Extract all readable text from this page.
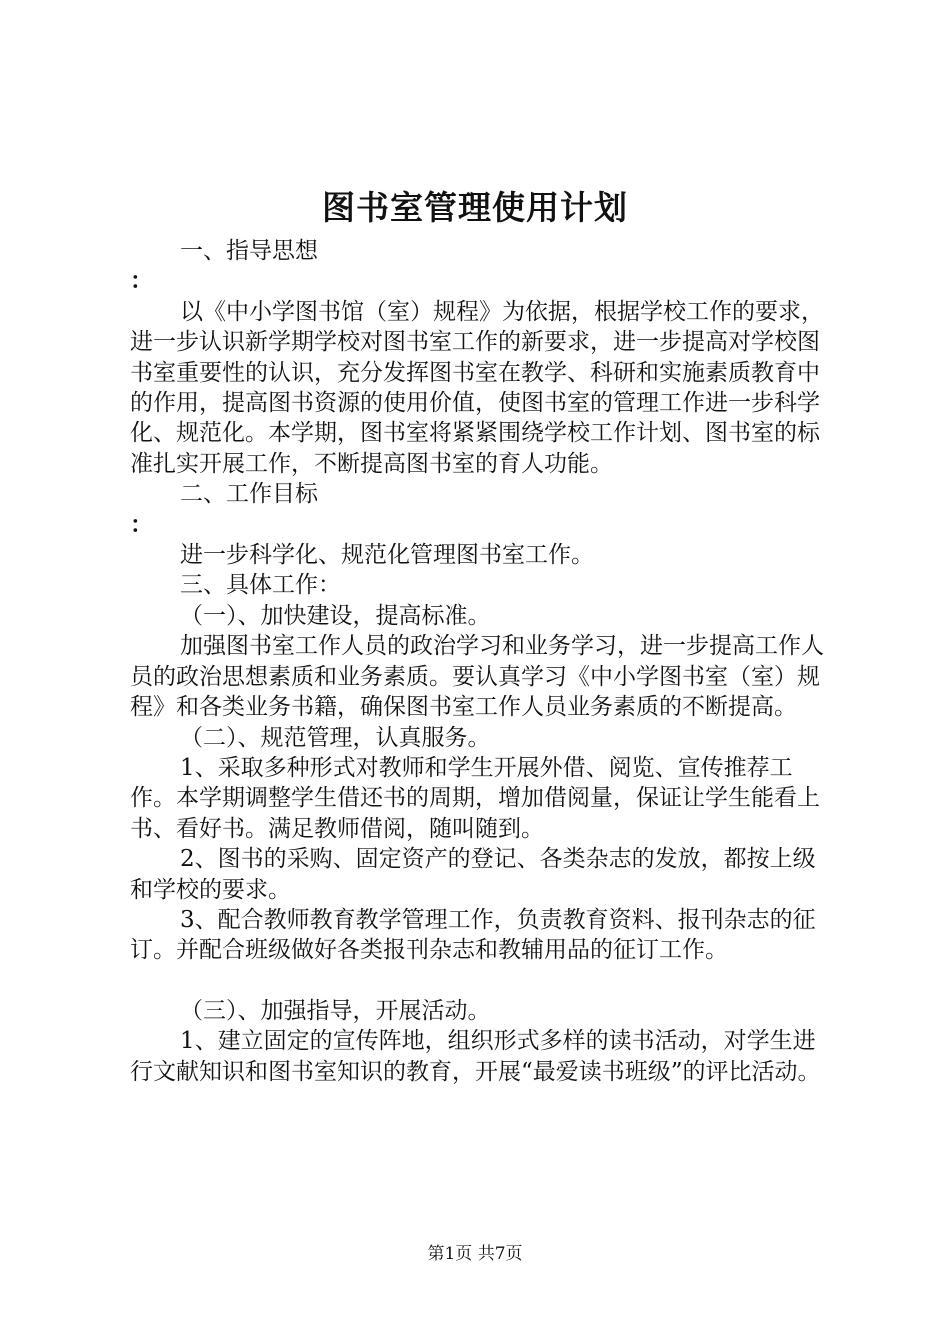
图书室管理使用计划

一、指导思想

：

以《中小学图书馆（室）规程》为依据，根据学校工作的要求，进一步认识新学期学校对图书室工作的新要求，进一步提高对学校图书室重要性的认识，充分发挥图书室在教学、科研和实施素质教育中的作用，提高图书资源的使用价值，使图书室的管理工作进一步科学化、规范化。本学期，图书室将紧紧围绕学校工作计划、图书室的标准扎实开展工作，不断提高图书室的育人功能。

二、工作目标

：

进一步科学化、规范化管理图书室工作。

三、具体工作：

（一）、加快建设，提高标准。

加强图书室工作人员的政治学习和业务学习，进一步提高工作人员的政治思想素质和业务素质。要认真学习《中小学图书室（室）规程》和各类业务书籍，确保图书室工作人员业务素质的不断提高。

（二）、规范管理，认真服务。

1、采取多种形式对教师和学生开展外借、阅览、宣传推荐工作。本学期调整学生借还书的周期，增加借阅量，保证让学生能看上书、看好书。满足教师借阅，随叫随到。

2、图书的采购、固定资产的登记、各类杂志的发放，都按上级和学校的要求。

3、配合教师教育教学管理工作，负责教育资料、报刊杂志的征订。并配合班级做好各类报刊杂志和教辅用品的征订工作。

（三）、加强指导，开展活动。

1、建立固定的宣传阵地，组织形式多样的读书活动，对学生进行文献知识和图书室知识的教育，开展“最爱读书班级”的评比活动。

第1页 共7页
